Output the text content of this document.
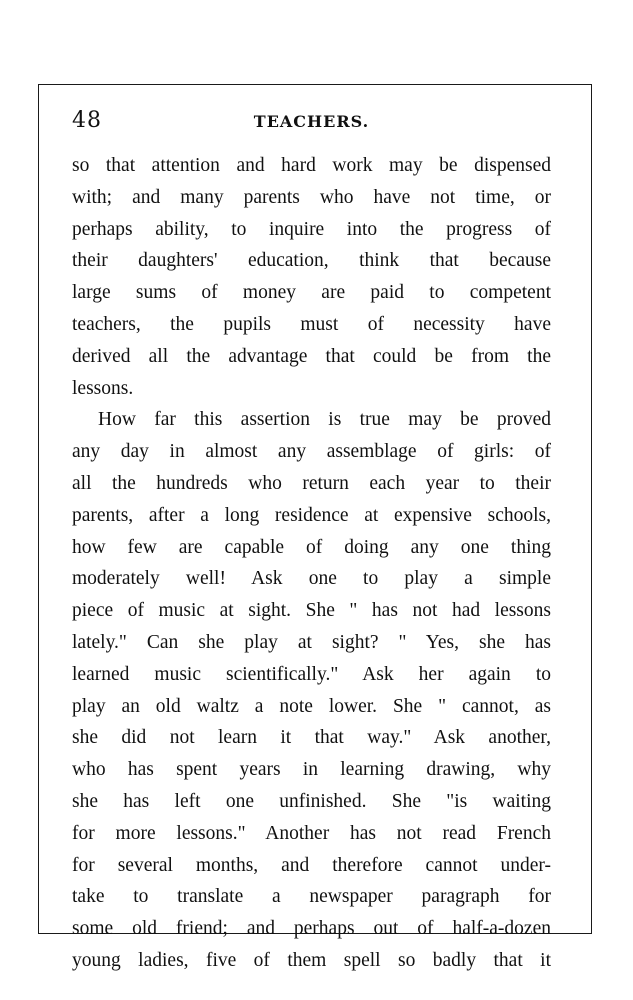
48	TEACHERS.
so that attention and hard work may be dispensed
with; and many parents who have not time, or
perhaps ability, to inquire into the progress of
their daughters' education, think that because
large sums of money are paid to competent
teachers, the pupils must of necessity have
derived all the advantage that could be from the
lessons.
How far this assertion is true may be proved
any day in almost any assemblage of girls: of
all the hundreds who return each year to their
parents, after a long residence at expensive schools,
how few are capable of doing any one thing
moderately well! Ask one to play a simple
piece of music at sight. She " has not had lessons
lately." Can she play at sight? " Yes, she has
learned music scientifically." Ask her again to
play an old waltz a note lower. She " cannot, as
she did not learn it that way." Ask another,
who has spent years in learning drawing, why
she has left one unfinished. She "is waiting
for more lessons." Another has not read French
for several months, and therefore cannot under-
take to translate a newspaper paragraph for
some old friend; and perhaps out of half-a-dozen
young ladies, five of them spell so badly that it
